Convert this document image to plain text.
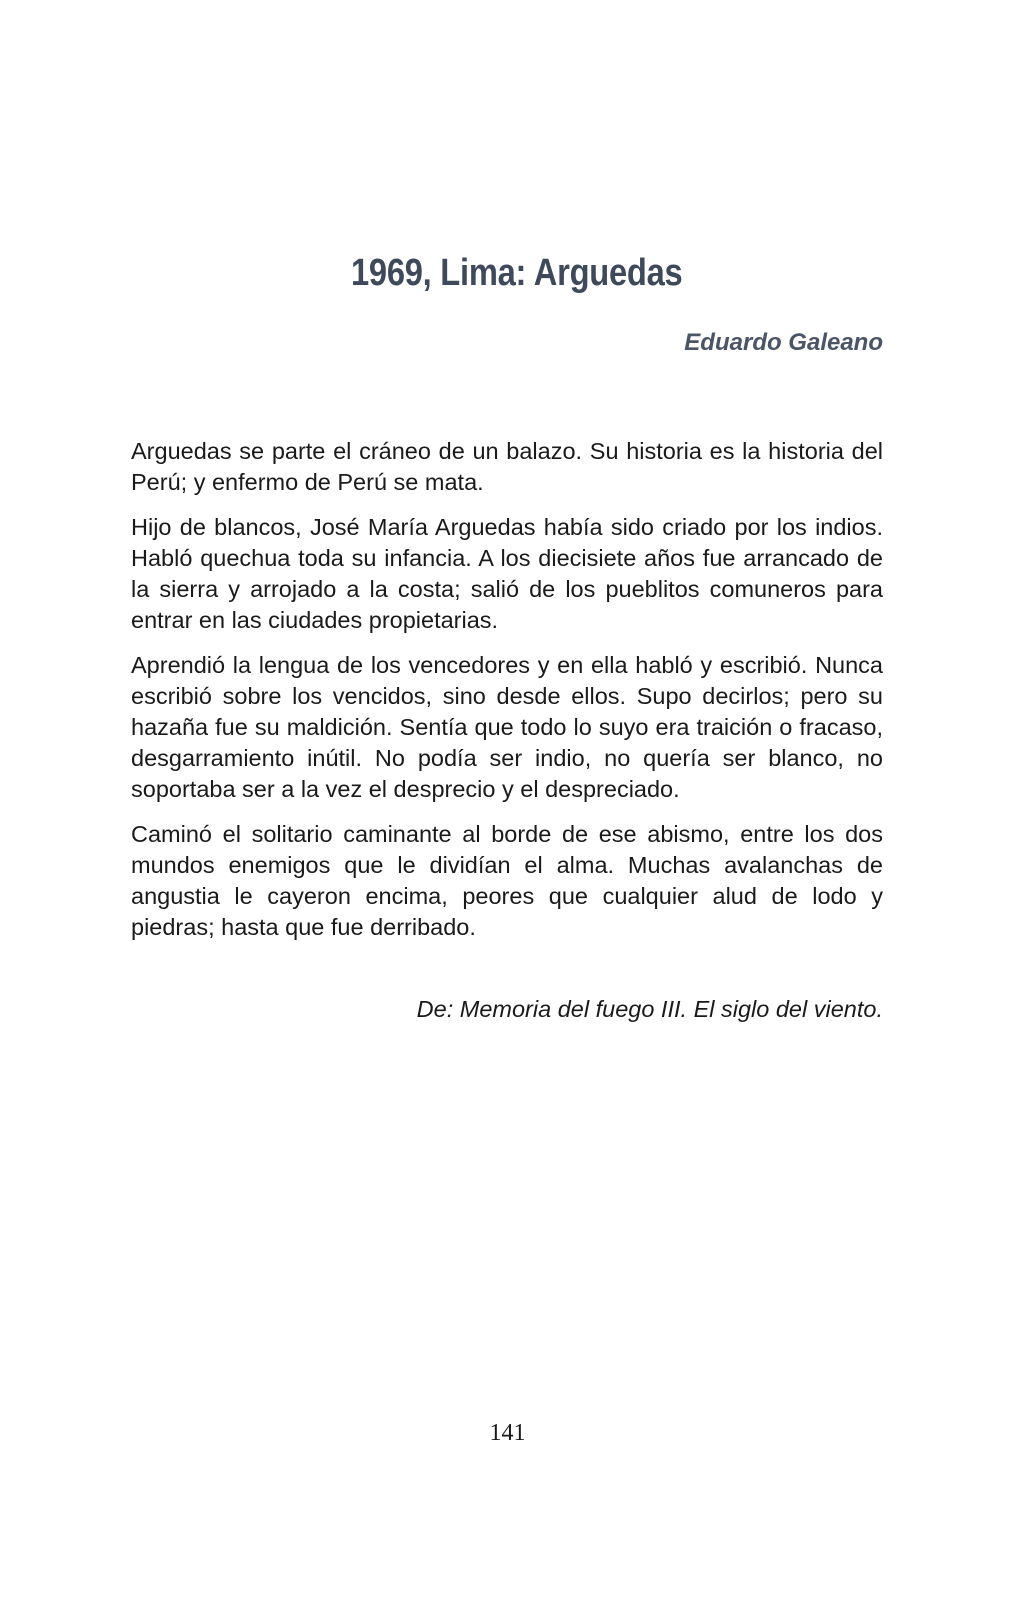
1969, Lima: Arguedas

Eduardo Galeano

Arguedas se parte el cráneo de un balazo. Su historia es la historia del Perú; y enfermo de Perú se mata.

Hijo de blancos, José María Arguedas había sido criado por los indios. Habló quechua toda su infancia. A los diecisiete años fue arrancado de la sierra y arrojado a la costa; salió de los pueblitos comuneros para entrar en las ciudades propietarias.

Aprendió la lengua de los vencedores y en ella habló y escribió. Nunca escribió sobre los vencidos, sino desde ellos. Supo decirlos; pero su hazaña fue su maldición. Sentía que todo lo suyo era traición o fracaso, desgarramiento inútil. No podía ser indio, no quería ser blanco, no soportaba ser a la vez el desprecio y el despreciado.

Caminó el solitario caminante al borde de ese abismo, entre los dos mundos enemigos que le dividían el alma. Muchas avalanchas de angustia le cayeron encima, peores que cualquier alud de lodo y piedras; hasta que fue derribado.

De: Memoria del fuego III. El siglo del viento.

141
